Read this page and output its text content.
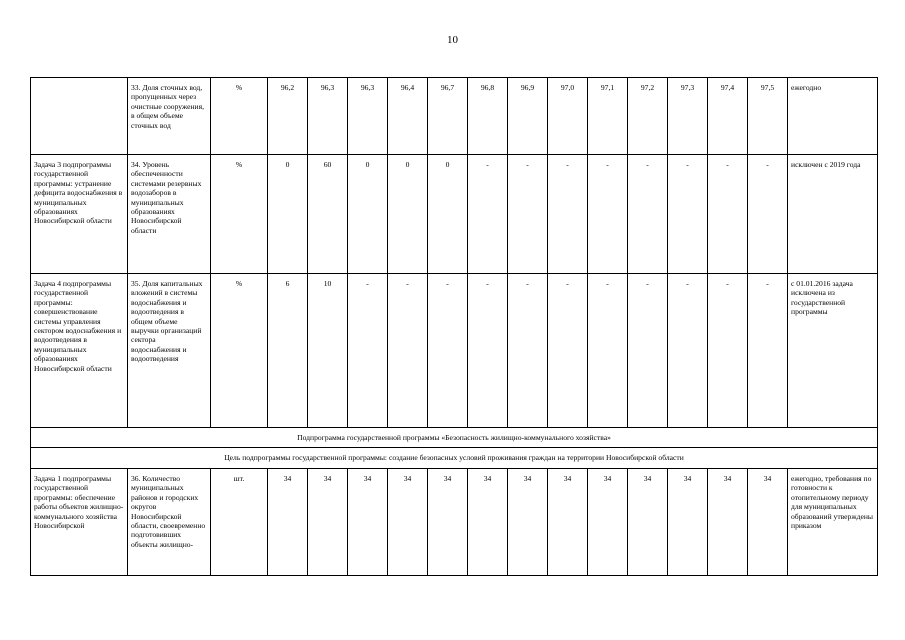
10
	33. Доля сточных вод, пропущенных через очистные сооружения, в общем объеме сточных вод	%	96,2	96,3	96,3	96,4	96,7	96,8	96,9	97,0	97,1	97,2	97,3	97,4	97,5	ежегодно
Задача 3 подпрограммы государственной программы: устранение дефицита водоснабжения в муниципальных образованиях Новосибирской области	34. Уровень обеспеченности системами резервных водозаборов в муниципальных образованиях Новосибирской области	%	0	60	0	0	0	-	-	-	-	-	-	-	-	исключен с 2019 года
Задача 4 подпрограммы государственной программы: совершенствование системы управления сектором водоснабжения и водоотведения в муниципальных образованиях Новосибирской области	35. Доля капитальных вложений в системы водоснабжения и водоотведения в общем объеме выручки организаций сектора водоснабжения и водоотведения	%	6	10	-	-	-	-	-	-	-	-	-	-	-	с 01.01.2016 задача исключена из государственной программы
Подпрограмма государственной программы «Безопасность жилищно-коммунального хозяйства»																
Цель подпрограммы государственной программы: создание безопасных условий проживания граждан на территории Новосибирской области																
Задача 1 подпрограммы государственной программы: обеспечение работы объектов жилищно-коммунального хозяйства Новосибирской	36. Количество муниципальных районов и городских округов Новосибирской области, своевременно подготовивших объекты жилищно-	шт.	34	34	34	34	34	34	34	34	34	34	34	34	34	ежегодно, требования по готовности к отопительному периоду для муниципальных образований утверждены приказом
